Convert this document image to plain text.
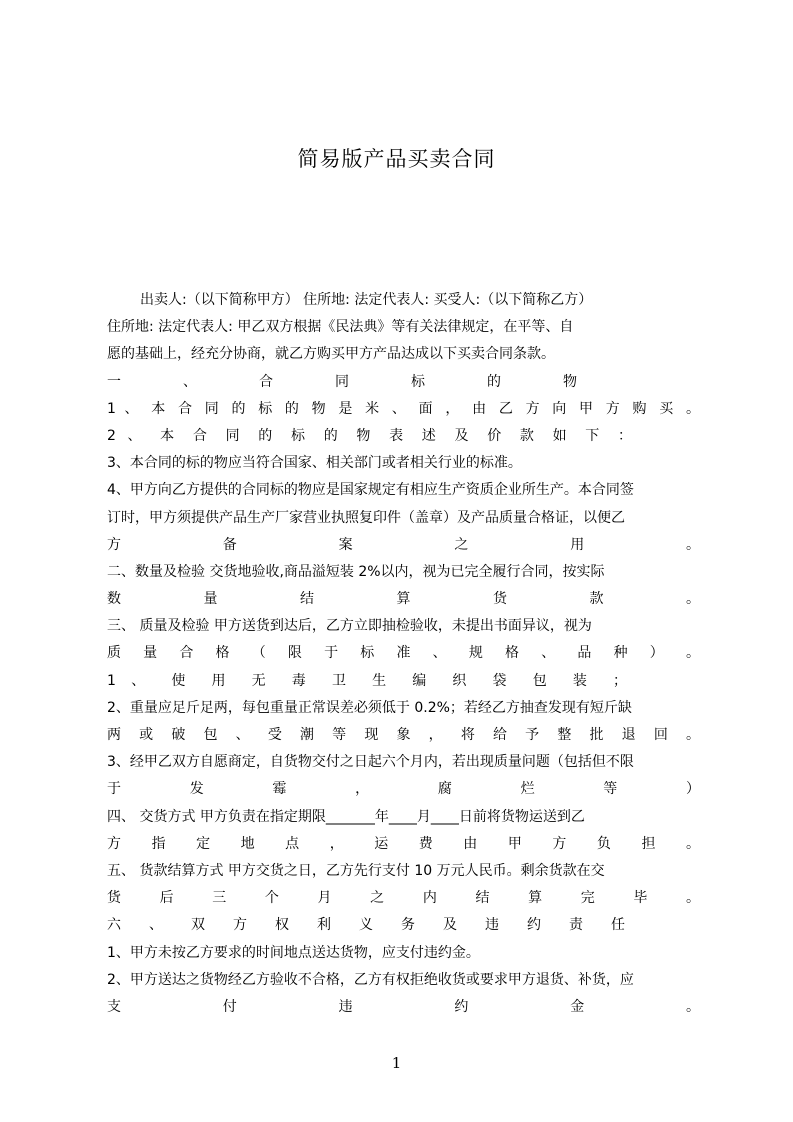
简易版产品买卖合同
出卖人:（以下简称甲方） 住所地: 法定代表人: 买受人:（以下简称乙方）
住所地: 法定代表人: 甲乙双方根据《民法典》等有关法律规定，在平等、自
愿的基础上，经充分协商，就乙方购买甲方产品达成以下买卖合同条款。
一 、 合 同 标 的 物
1 、 本 合 同 的 标 的 物 是 米 、 面 ， 由 乙 方 向 甲 方 购 买 。
2 、 本 合 同 的 标 的 物 表 述 及 价 款 如 下 ：
3、本合同的标的物应当符合国家、相关部门或者相关行业的标准。
4、甲方向乙方提供的合同标的物应是国家规定有相应生产资质企业所生产。本合同签
订时，甲方须提供产品生产厂家营业执照复印件（盖章）及产品质量合格证，以便乙
方 备 案 之 用 。
二、数量及检验 交货地验收,商品溢短装 2%以内，视为已完全履行合同，按实际
数 量 结 算 货 款 。
三、 质量及检验 甲方送货到达后，乙方立即抽检验收，未提出书面异议，视为
质 量 合 格 （ 限 于 标 准 、 规 格 、 品 种 ） 。
1 、 使 用 无 毒 卫 生 编 织 袋 包 装 ；
2、重量应足斤足两，每包重量正常误差必须低于 0.2%；若经乙方抽查发现有短斤缺
两 或 破 包 、 受 潮 等 现 象 ， 将 给 予 整 批 退 回 。
3、经甲乙双方自愿商定，自货物交付之日起六个月内，若出现质量问题（包括但不限
于 发 霉 ， 腐 烂 等 ）
四、 交货方式 甲方负责在指定期限_______年____月____日前将货物运送到乙
方 指 定 地 点 ， 运 费 由 甲 方 负 担 。
五、 货款结算方式 甲方交货之日，乙方先行支付 10 万元人民币。剩余货款在交
货 后 三 个 月 之 内 结 算 完 毕 。
六 、 双 方 权 利 义 务 及 违 约 责 任
1、甲方未按乙方要求的时间地点送达货物，应支付违约金。
2、甲方送达之货物经乙方验收不合格，乙方有权拒绝收货或要求甲方退货、补货，应
支 付 违 约 金 。
1
